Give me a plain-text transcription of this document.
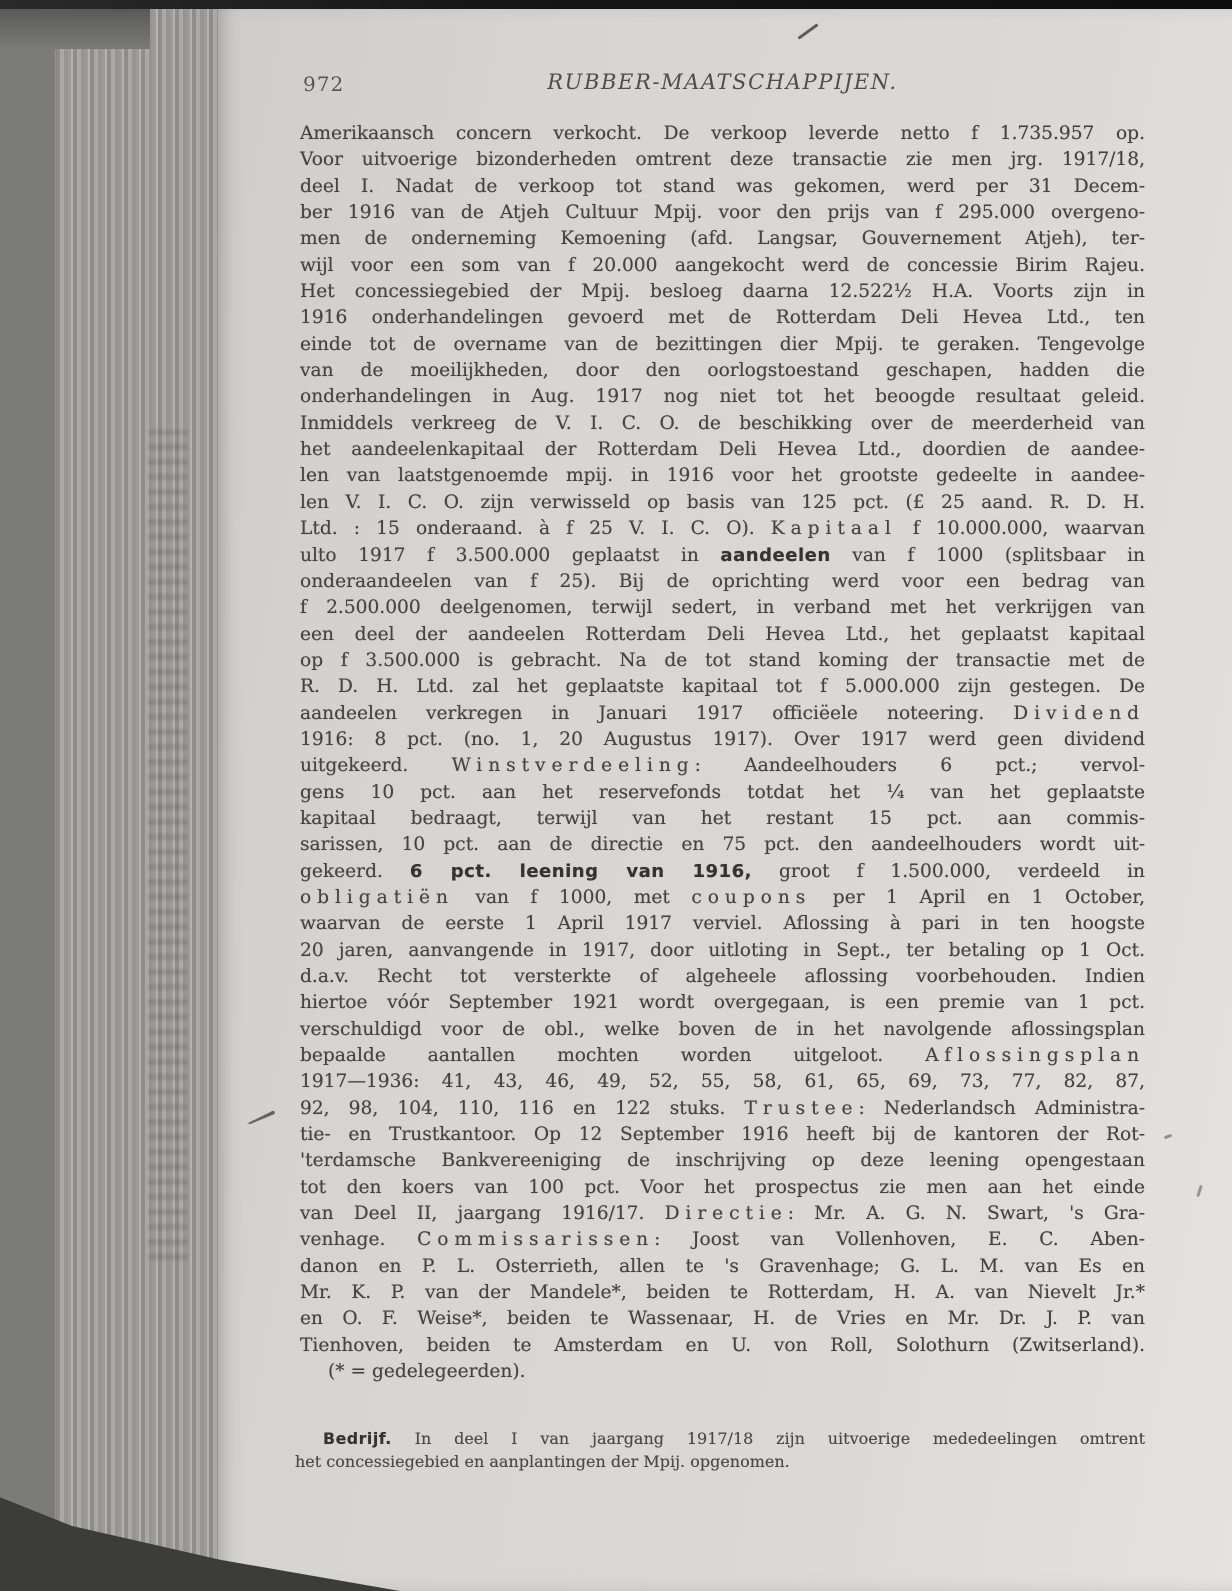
972	RUBBER-MAATSCHAPPIJEN.
Amerikaansch concern verkocht. De verkoop leverde netto f 1.735.957 op.
Voor uitvoerige bizonderheden omtrent deze transactie zie men jrg. 1917/18,
deel I. Nadat de verkoop tot stand was gekomen, werd per 31 Decem-
ber 1916 van de Atjeh Cultuur Mpij. voor den prijs van f 295.000 overgeno-
men de onderneming Kemoening (afd. Langsar, Gouvernement Atjeh), ter-
wijl voor een som van f 20.000 aangekocht werd de concessie Birim Rajeu.
Het concessiegebied der Mpij. besloeg daarna 12.522½ H.A. Voorts zijn in
1916 onderhandelingen gevoerd met de Rotterdam Deli Hevea Ltd., ten
einde tot de overname van de bezittingen dier Mpij. te geraken. Tengevolge
van de moeilijkheden, door den oorlogstoestand geschapen, hadden die
onderhandelingen in Aug. 1917 nog niet tot het beoogde resultaat geleid.
Inmiddels verkreeg de V. I. C. O. de beschikking over de meerderheid van
het aandeelenkapitaal der Rotterdam Deli Hevea Ltd., doordien de aandee-
len van laatstgenoemde mpij. in 1916 voor het grootste gedeelte in aandee-
len V. I. C. O. zijn verwisseld op basis van 125 pct. (£ 25 aand. R. D. H.
Ltd. : 15 onderaand. à f 25 V. I. C. O). Kapitaal f 10.000.000, waarvan
ulto 1917 f 3.500.000 geplaatst in aandeelen van f 1000 (splitsbaar in
onderaandeelen van f 25). Bij de oprichting werd voor een bedrag van
f 2.500.000 deelgenomen, terwijl sedert, in verband met het verkrijgen van
een deel der aandeelen Rotterdam Deli Hevea Ltd., het geplaatst kapitaal
op f 3.500.000 is gebracht. Na de tot stand koming der transactie met de
R. D. H. Ltd. zal het geplaatste kapitaal tot f 5.000.000 zijn gestegen. De
aandeelen verkregen in Januari 1917 officiëele noteering. Dividend
1916: 8 pct. (no. 1, 20 Augustus 1917). Over 1917 werd geen dividend
uitgekeerd. Winstverdeeling: Aandeelhouders 6 pct.; vervol-
gens 10 pct. aan het reservefonds totdat het ¼ van het geplaatste
kapitaal bedraagt, terwijl van het restant 15 pct. aan commis-
sarissen, 10 pct. aan de directie en 75 pct. den aandeelhouders wordt uit-
gekeerd. 6 pct. leening van 1916, groot f 1.500.000, verdeeld in
obligatiën van f 1000, met coupons per 1 April en 1 October,
waarvan de eerste 1 April 1917 verviel. Aflossing à pari in ten hoogste
20 jaren, aanvangende in 1917, door uitloting in Sept., ter betaling op 1 Oct.
d.a.v. Recht tot versterkte of algeheele aflossing voorbehouden. Indien
hiertoe vóór September 1921 wordt overgegaan, is een premie van 1 pct.
verschuldigd voor de obl., welke boven de in het navolgende aflossingsplan
bepaalde aantallen mochten worden uitgeloot. Aflossingsplan
1917—1936: 41, 43, 46, 49, 52, 55, 58, 61, 65, 69, 73, 77, 82, 87,
92, 98, 104, 110, 116 en 122 stuks. Trustee: Nederlandsch Administra-
tie- en Trustkantoor. Op 12 September 1916 heeft bij de kantoren der Rot-
'terdamsche Bankvereeniging de inschrijving op deze leening opengestaan
tot den koers van 100 pct. Voor het prospectus zie men aan het einde
van Deel II, jaargang 1916/17. Directie: Mr. A. G. N. Swart, 's Gra-
venhage. Commissarissen: Joost van Vollenhoven, E. C. Aben-
danon en P. L. Osterrieth, allen te 's Gravenhage; G. L. M. van Es en
Mr. K. P. van der Mandele*, beiden te Rotterdam, H. A. van Nievelt Jr.*
en O. F. Weise*, beiden te Wassenaar, H. de Vries en Mr. Dr. J. P. van
Tienhoven, beiden te Amsterdam en U. von Roll, Solothurn (Zwitserland).
(* = gedelegeerden).
Bedrijf. In deel I van jaargang 1917/18 zijn uitvoerige mededeelingen omtrent
het concessiegebied en aanplantingen der Mpij. opgenomen.
